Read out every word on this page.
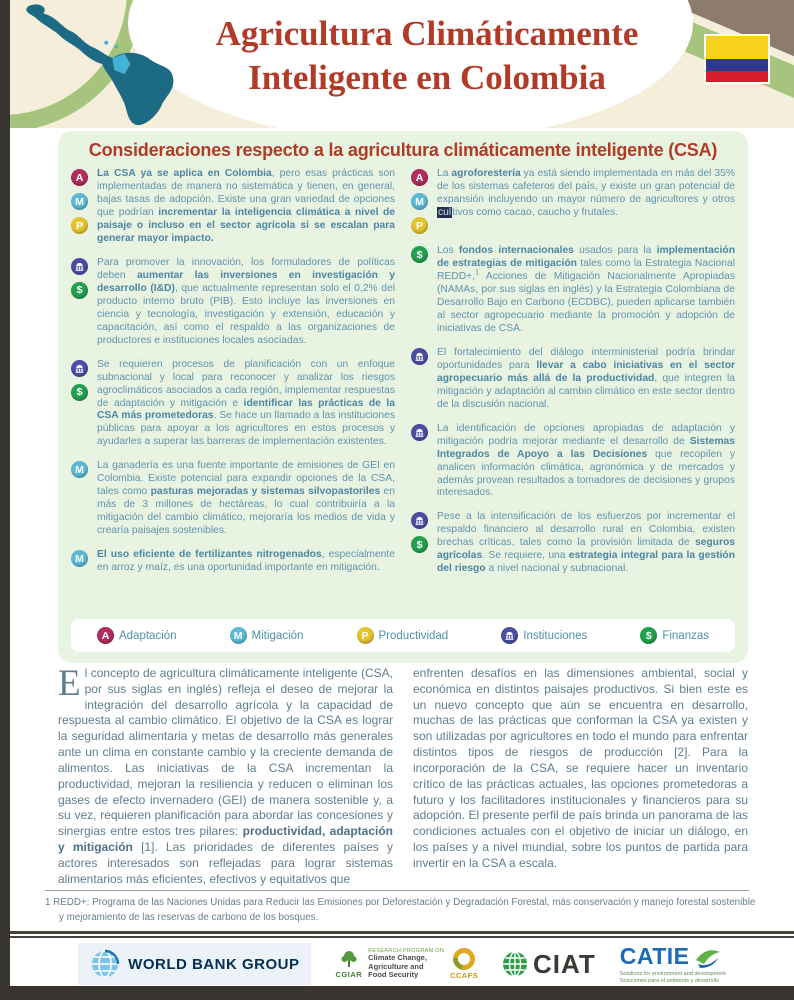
Agricultura Climáticamente
Inteligente en Colombia
Consideraciones respecto a la agricultura climáticamente inteligente (CSA)
A
M
P

La CSA ya se aplica en Colombia, pero esas prácticas son implementadas de manera no sistemática y tienen, en general, bajas tasas de adopción. Existe una gran variedad de opciones que podrían incrementar la inteligencia climática a nivel de paisaje o incluso en el sector agrícola si se escalan para generar mayor impacto.

$

Para promover la innovación, los formuladores de políticas deben aumentar las inversiones en investigación y desarrollo (I&D), que actualmente representan solo el 0,2% del producto interno bruto (PIB). Esto incluye las inversiones en ciencia y tecnología, investigación y extensión, educación y capacitación, así como el respaldo a las organizaciones de productores e instituciones locales asociadas.

$

Se requieren procesos de planificación con un enfoque subnacional y local para reconocer y analizar los riesgos agroclimáticos asociados a cada región, implementar respuestas de adaptación y mitigación e identificar las prácticas de la CSA más prometedoras. Se hace un llamado a las instituciones públicas para apoyar a los agricultores en estos procesos y ayudarles a superar las barreras de implementación existentes.

M	La ganadería es una fuente importante de emisiones de GEI en Colombia. Existe potencial para expandir opciones de la CSA, tales como pasturas mejoradas y sistemas silvopastoriles en más de 3 millones de hectáreas, lo cual contribuiría a la mitigación del cambio climático, mejoraría los medios de vida y crearía paisajes sostenibles.

M	El uso eficiente de fertilizantes nitrogenados, especialmente en arroz y maíz, es una oportunidad importante en mitigación.

A
M
P

La agroforestería ya está siendo implementada en más del 35% de los sistemas cafeteros del país, y existe un gran potencial de expansión incluyendo un mayor número de agricultores y otros cultivos como cacao, caucho y frutales.

$	Los fondos internacionales usados para la implementación de estrategias de mitigación tales como la Estrategia Nacional REDD+,$^1$ Acciones de Mitigación Nacionalmente Apropiadas (NAMAs, por sus siglas en inglés) y la Estrategia Colombiana de Desarrollo Bajo en Carbono (ECDBC), pueden aplicarse también al sector agropecuario mediante la promoción y adopción de iniciativas de CSA.

El fortalecimiento del diálogo interministerial podría brindar oportunidades para llevar a cabo iniciativas en el sector agropecuario más allá de la productividad, que integren la mitigación y adaptación al cambio climático en este sector dentro de la discusión nacional.

La identificación de opciones apropiadas de adaptación y mitigación podría mejorar mediante el desarrollo de Sistemas Integrados de Apoyo a las Decisiones que recopilen y analicen información climática, agronómica y de mercados y además provean resultados a tomadores de decisiones y grupos interesados.

$

Pese a la intensificación de los esfuerzos por incrementar el respaldo financiero al desarrollo rural en Colombia, existen brechas críticas, tales como la provisión limitada de seguros agrícolas. Se requiere, una estrategia integral para la gestión del riesgo a nivel nacional y subnacional.

A Adaptación	M Mitigación	P Productividad	Instituciones	$ Finanzas

El concepto de agricultura climáticamente inteligente (CSA, por sus siglas en inglés) refleja el deseo de mejorar la integración del desarrollo agrícola y la capacidad de respuesta al cambio climático. El objetivo de la CSA es lograr la seguridad alimentaria y metas de desarrollo más generales ante un clima en constante cambio y la creciente demanda de alimentos. Las iniciativas de la CSA incrementan la productividad, mejoran la resiliencia y reducen o eliminan los gases de efecto invernadero (GEI) de manera sostenible y, a su vez, requieren planificación para abordar las concesiones y sinergias entre estos tres pilares: productividad, adaptación y mitigación [1]. Las prioridades de diferentes países y actores interesados son reflejadas para lograr sistemas alimentarios más eficientes, efectivos y equitativos que

enfrenten desafíos en las dimensiones ambiental, social y económica en distintos paisajes productivos. Si bien este es un nuevo concepto que aún se encuentra en desarrollo, muchas de las prácticas que conforman la CSA ya existen y son utilizadas por agricultores en todo el mundo para enfrentar distintos tipos de riesgos de producción [2]. Para la incorporación de la CSA, se requiere hacer un inventario crítico de las prácticas actuales, las opciones prometedoras a futuro y los facilitadores institucionales y financieros para su adopción. El presente perfil de país brinda un panorama de las condiciones actuales con el objetivo de iniciar un diálogo, en los países y a nivel mundial, sobre los puntos de partida para invertir en la CSA a escala.

1 REDD+: Programa de las Naciones Unidas para Reducir las Emisiones por Deforestación y Degradación Forestal, más conservación y manejo forestal sostenible y mejoramiento de las reservas de carbono de los bosques.

WORLD BANK GROUP
CGIAR
RESEARCH PROGRAM ON
Climate Change,
Agriculture and
Food Security	CCAFS CIAT CATIE
Solutions for environment and development
Soluciones para el ambiente y desarrollo
